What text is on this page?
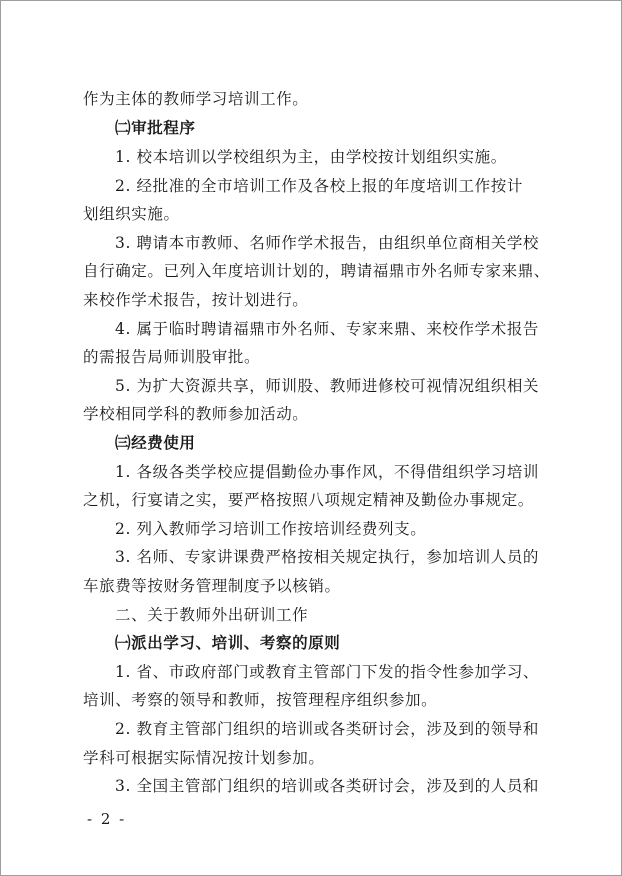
作为主体的教师学习培训工作。
㈡审批程序
1. 校本培训以学校组织为主，由学校按计划组织实施。
2. 经批准的全市培训工作及各校上报的年度培训工作按计
划组织实施。
3. 聘请本市教师、名师作学术报告，由组织单位商相关学校
自行确定。已列入年度培训计划的，聘请福鼎市外名师专家来鼎、
来校作学术报告，按计划进行。
4. 属于临时聘请福鼎市外名师、专家来鼎、来校作学术报告
的需报告局师训股审批。
5. 为扩大资源共享，师训股、教师进修校可视情况组织相关
学校相同学科的教师参加活动。
㈢经费使用
1. 各级各类学校应提倡勤俭办事作风，不得借组织学习培训
之机，行宴请之实，要严格按照八项规定精神及勤俭办事规定。
2. 列入教师学习培训工作按培训经费列支。
3. 名师、专家讲课费严格按相关规定执行，参加培训人员的
车旅费等按财务管理制度予以核销。
二、关于教师外出研训工作
㈠派出学习、培训、考察的原则
1. 省、市政府部门或教育主管部门下发的指令性参加学习、
培训、考察的领导和教师，按管理程序组织参加。
2. 教育主管部门组织的培训或各类研讨会，涉及到的领导和
学科可根据实际情况按计划参加。
3. 全国主管部门组织的培训或各类研讨会，涉及到的人员和
- 2 -
